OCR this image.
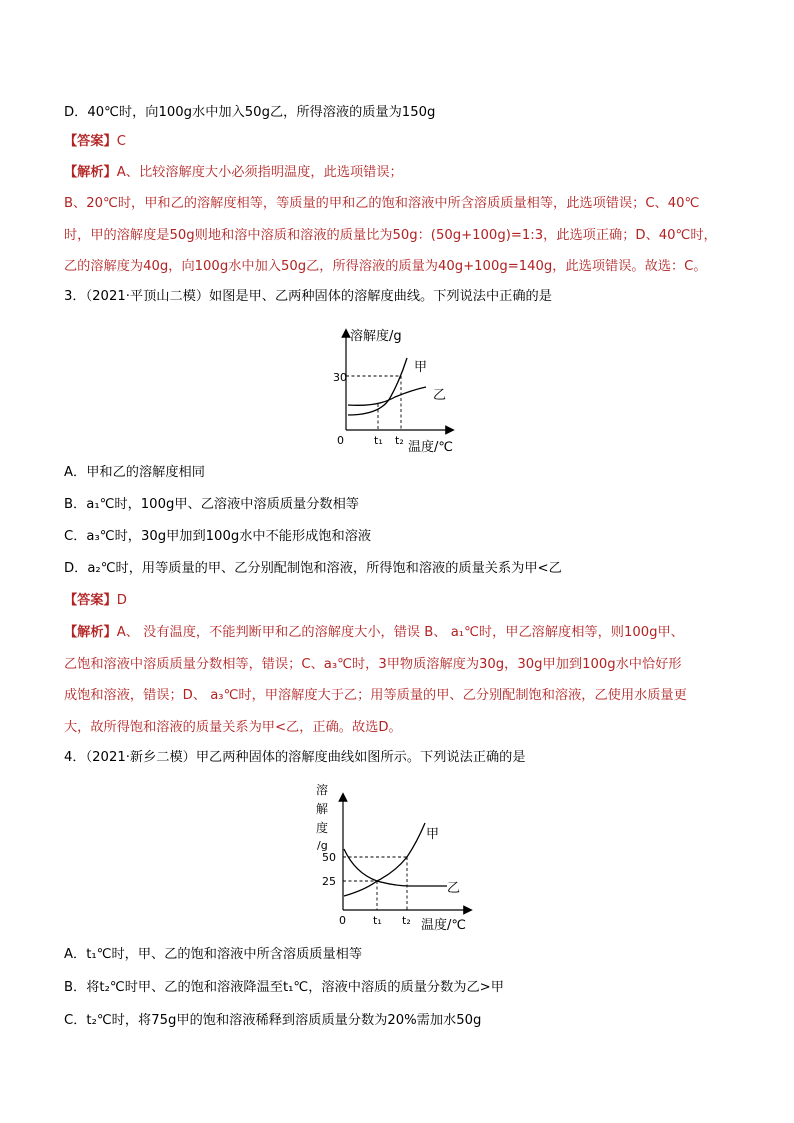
D．40℃时，向100g水中加入50g乙，所得溶液的质量为150g
【答案】C
【解析】A、比较溶解度大小必须指明温度，此选项错误；
B、20℃时，甲和乙的溶解度相等，等质量的甲和乙的饱和溶液中所含溶质质量相等，此选项错误；C、40℃
时，甲的溶解度是50g则地和溶中溶质和溶液的质量比为50g：(50g+100g)=1:3，此选项正确；D、40℃时，
乙的溶解度为40g，向100g水中加入50g乙，所得溶液的质量为40g+100g=140g，此选项错误。故选：C。
3．（2021·平顶山二模）如图是甲、乙两种固体的溶解度曲线。下列说法中正确的是
溶解度/g
0
30
t₁ t₂ 温度/℃
甲
乙
A．甲和乙的溶解度相同
B．a₁℃时，100g甲、乙溶液中溶质质量分数相等
C．a₃℃时，30g甲加到100g水中不能形成饱和溶液
D．a₂℃时，用等质量的甲、乙分别配制饱和溶液，所得饱和溶液的质量关系为甲<乙
【答案】D
【解析】A、 没有温度，不能判断甲和乙的溶解度大小，错误 B、 a₁℃时，甲乙溶解度相等，则100g甲、
乙饱和溶液中溶质质量分数相等，错误；C、a₃℃时，3甲物质溶解度为30g，30g甲加到100g水中恰好形
成饱和溶液，错误；D、 a₃℃时，甲溶解度大于乙；用等质量的甲、乙分别配制饱和溶液，乙使用水质量更
大，故所得饱和溶液的质量关系为甲<乙，正确。故选D。
4．（2021·新乡二模）甲乙两种固体的溶解度曲线如图所示。下列说法正确的是
溶
解
度
/g
50
25
0 t₁ t₂ 温度/℃
甲
乙
A．t₁℃时，甲、乙的饱和溶液中所含溶质质量相等
B．将t₂℃时甲、乙的饱和溶液降温至t₁℃，溶液中溶质的质量分数为乙>甲
C．t₂℃时，将75g甲的饱和溶液稀释到溶质质量分数为20%需加水50g
